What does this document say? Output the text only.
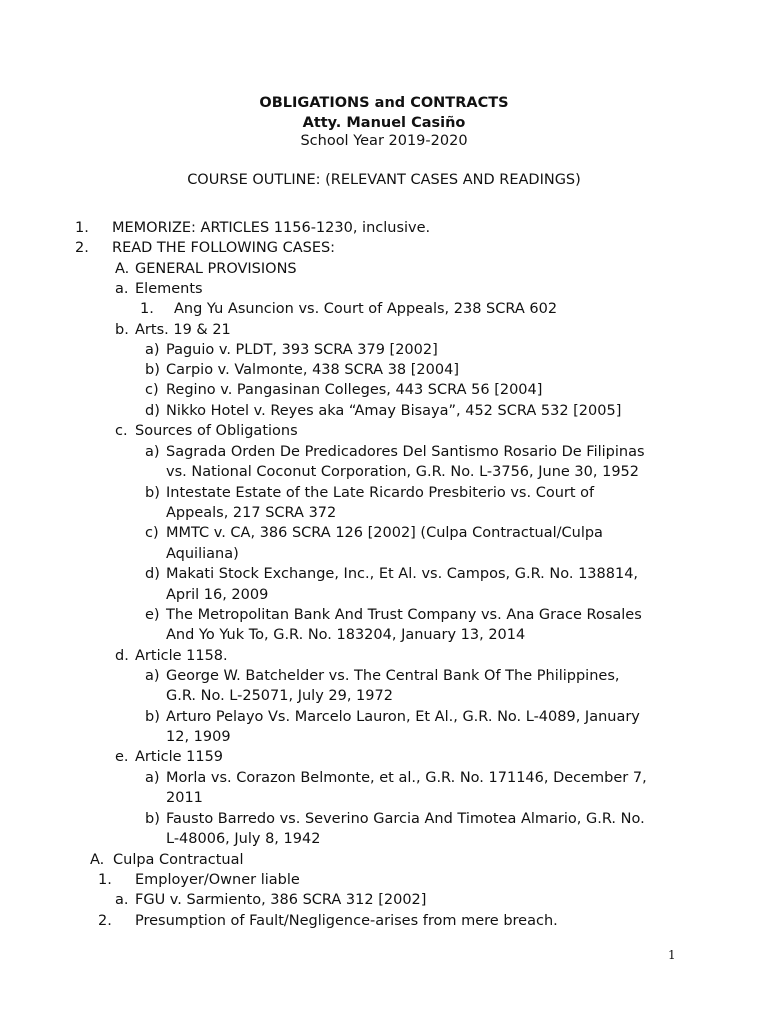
OBLIGATIONS and CONTRACTS
Atty. Manuel Casiño
School Year 2019-2020
COURSE OUTLINE: (RELEVANT CASES AND READINGS)
1. MEMORIZE: ARTICLES 1156-1230, inclusive.
2. READ THE FOLLOWING CASES:
A. GENERAL PROVISIONS
a. Elements
1. Ang Yu Asuncion vs. Court of Appeals, 238 SCRA 602
b. Arts. 19 & 21
a) Paguio v. PLDT, 393 SCRA 379 [2002]
b) Carpio v. Valmonte, 438 SCRA 38 [2004]
c) Regino v. Pangasinan Colleges, 443 SCRA 56 [2004]
d) Nikko Hotel v. Reyes aka “Amay Bisaya”, 452 SCRA 532 [2005]
c. Sources of Obligations
a) Sagrada Orden De Predicadores Del Santismo Rosario De Filipinas
vs. National Coconut Corporation, G.R. No. L-3756, June 30, 1952
b) Intestate Estate of the Late Ricardo Presbiterio vs. Court of
Appeals, 217 SCRA 372
c) MMTC v. CA, 386 SCRA 126 [2002] (Culpa Contractual/Culpa
Aquiliana)
d) Makati Stock Exchange, Inc., Et Al. vs. Campos, G.R. No. 138814,
April 16, 2009
e) The Metropolitan Bank And Trust Company vs. Ana Grace Rosales
And Yo Yuk To, G.R. No. 183204, January 13, 2014
d. Article 1158.
a) George W. Batchelder vs. The Central Bank Of The Philippines,
G.R. No. L-25071, July 29, 1972
b) Arturo Pelayo Vs. Marcelo Lauron, Et Al., G.R. No. L-4089, January
12, 1909
e. Article 1159
a) Morla vs. Corazon Belmonte, et al., G.R. No. 171146, December 7,
2011
b) Fausto Barredo vs. Severino Garcia And Timotea Almario, G.R. No.
L-48006, July 8, 1942
A. Culpa Contractual
1. Employer/Owner liable
a. FGU v. Sarmiento, 386 SCRA 312 [2002]
2. Presumption of Fault/Negligence-arises from mere breach.
1
